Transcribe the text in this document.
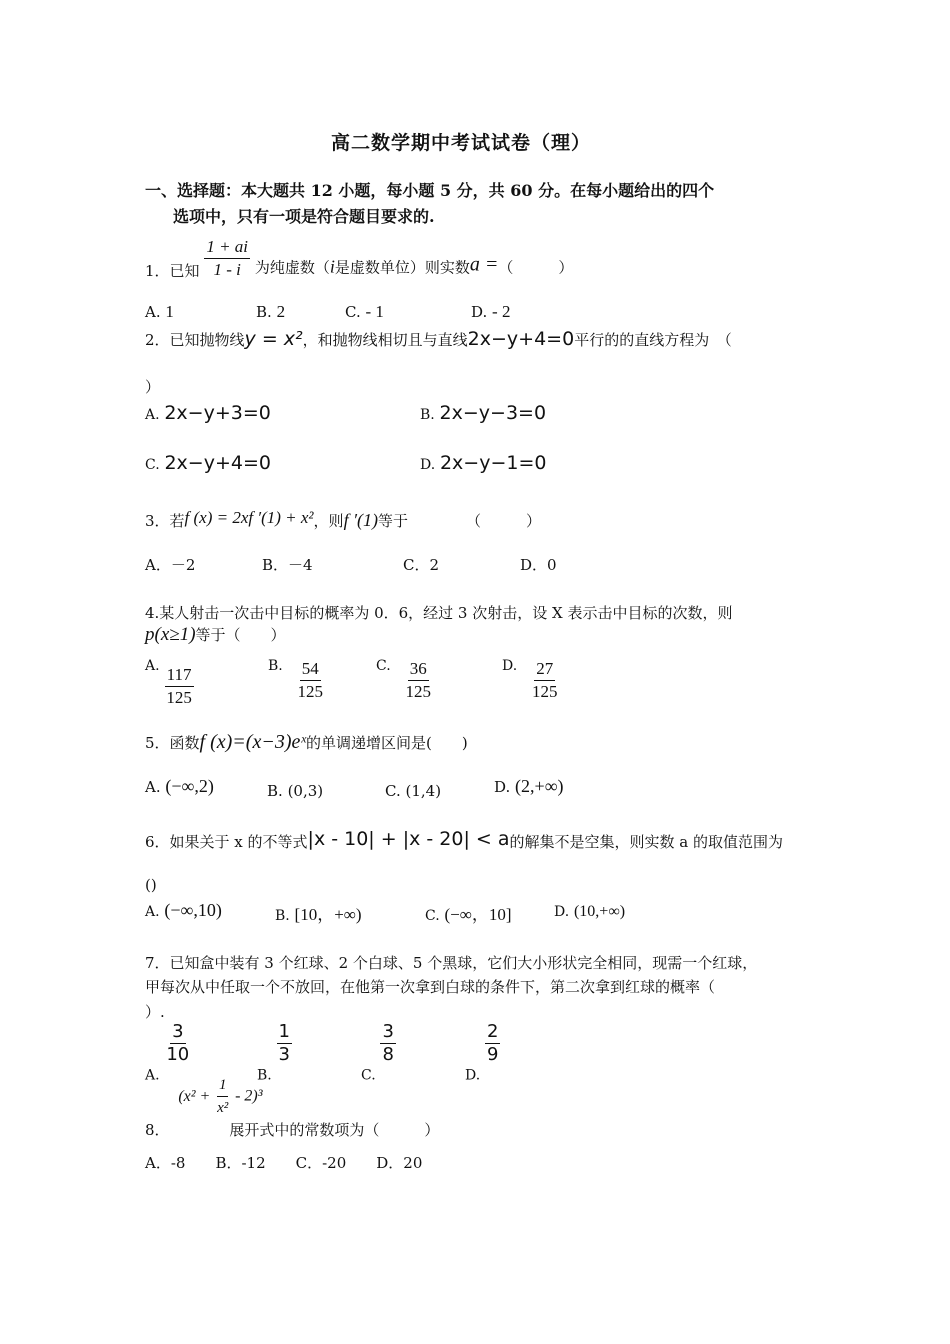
高二数学期中考试试卷（理）
一、选择题：本大题共 12 小题，每小题 5 分，共 60 分。在每小题给出的四个
选项中，只有一项是符合题目要求的.
1．已知 $\frac{1 + ai}{1 - i}$ 为纯虚数（i是虚数单位）则实数a =（　　　）
A. 1	B. 2	C. - 1	D. - 2
2．已知抛物线y = x²，和抛物线相切且与直线2x−y+4=0平行的的直线方程为　（
）
A. 2x−y+3=0	B. 2x−y−3=0
C. 2x−y+4=0	D. 2x−y−1=0
3．若f (x) = 2xf ′(1) + x²，则f ′(1)等于	（　　　）
A．－2	B．－4	C．2	D．0
4.某人射击一次击中目标的概率为 0．6，经过 3 次射击，设 X 表示击中目标的次数，则
p(x≥1)等于（　　）
A. $\frac{117}{125}$	B. $\frac{54}{125}$	C. $\frac{36}{125}$	D. $\frac{27}{125}$
5．函数f (x)=(x−3)eˣ的单调递增区间是(　　)
A. (−∞,2)	B. (0,3)	C. (1,4)	D. (2,+∞)
6．如果关于 x 的不等式|x - 10| + |x - 20| < a的解集不是空集，则实数 a 的取值范围为
()
A. (−∞,10)	B. [10，+∞)	C. (−∞，10]	D. (10,+∞)
7．已知盒中装有 3 个红球、2 个白球、5 个黑球，它们大小形状完全相同，现需一个红球，
甲每次从中任取一个不放回，在他第一次拿到白球的条件下，第二次拿到红球的概率（
）.
A.
$\frac{3}{10}$
B.
$\frac{1}{3}$
C.
$\frac{3}{8}$
D.
$\frac{2}{9}$
8． $(x^2 + \frac{1}{\text{x²}} - 2)^3$ 展开式中的常数项为（　　　）
A．-8　　B．-12　　C．-20　　D．20
